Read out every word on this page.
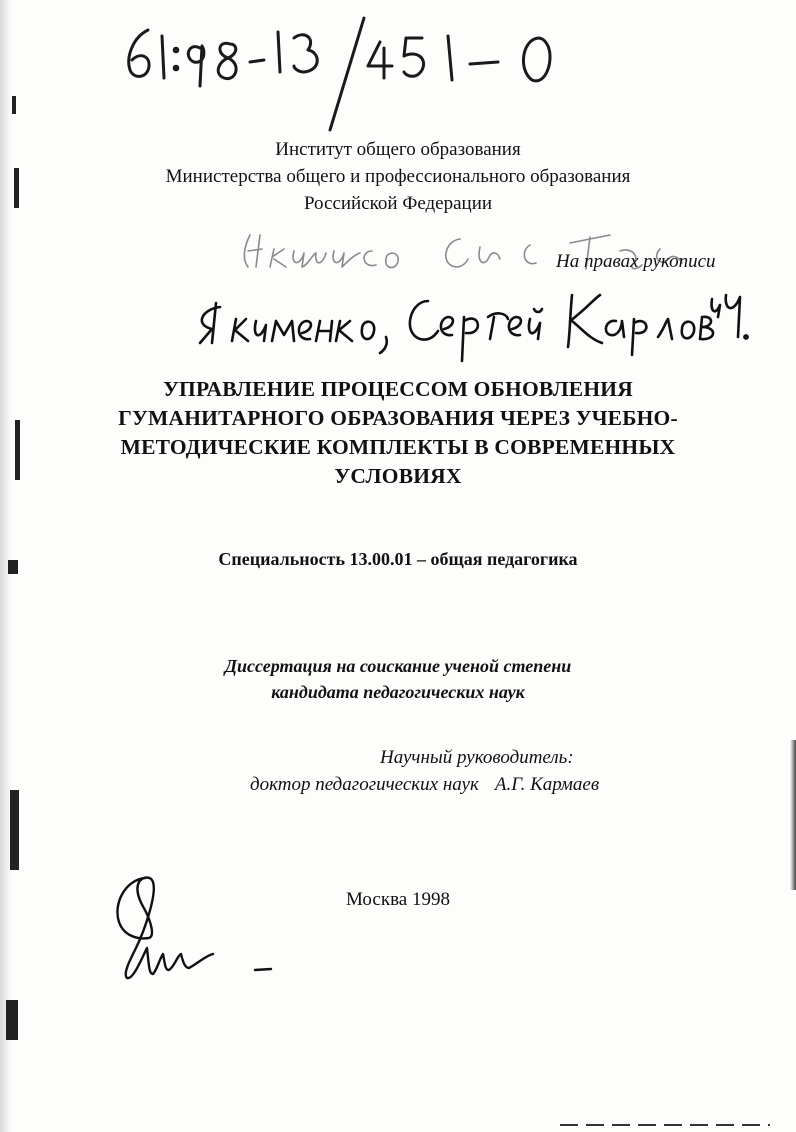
Институт общего образования
Министерства общего и профессионального образования
Российской Федерации
На правах рукописи
УПРАВЛЕНИЕ ПРОЦЕССОМ ОБНОВЛЕНИЯ
ГУМАНИТАРНОГО ОБРАЗОВАНИЯ ЧЕРЕЗ УЧЕБНО-
МЕТОДИЧЕСКИЕ КОМПЛЕКТЫ В СОВРЕМЕННЫХ
УСЛОВИЯХ
Специальность 13.00.01 – общая педагогика
Диссертация на соискание ученой степени
кандидата педагогических наук
Научный руководитель:
доктор педагогических наук А.Г. Кармаев
Москва 1998
